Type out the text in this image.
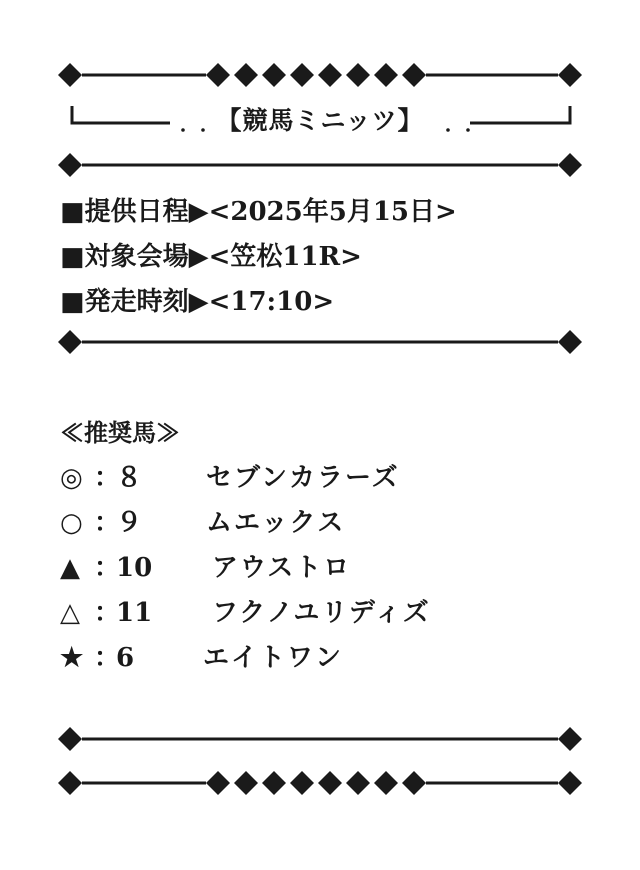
・・ 【競馬ミニッツ】	・・
■提供日程▶<2025年5月15日>
■対象会場▶<笠松11R>
■発走時刻▶<17:10>
≪推奨馬≫
◎ ：８ セブンカラーズ
○ ：９ ムエックス
▲ ：10 アウストロ
△ ：11 フクノユリディズ
★ ：6	エイトワン
